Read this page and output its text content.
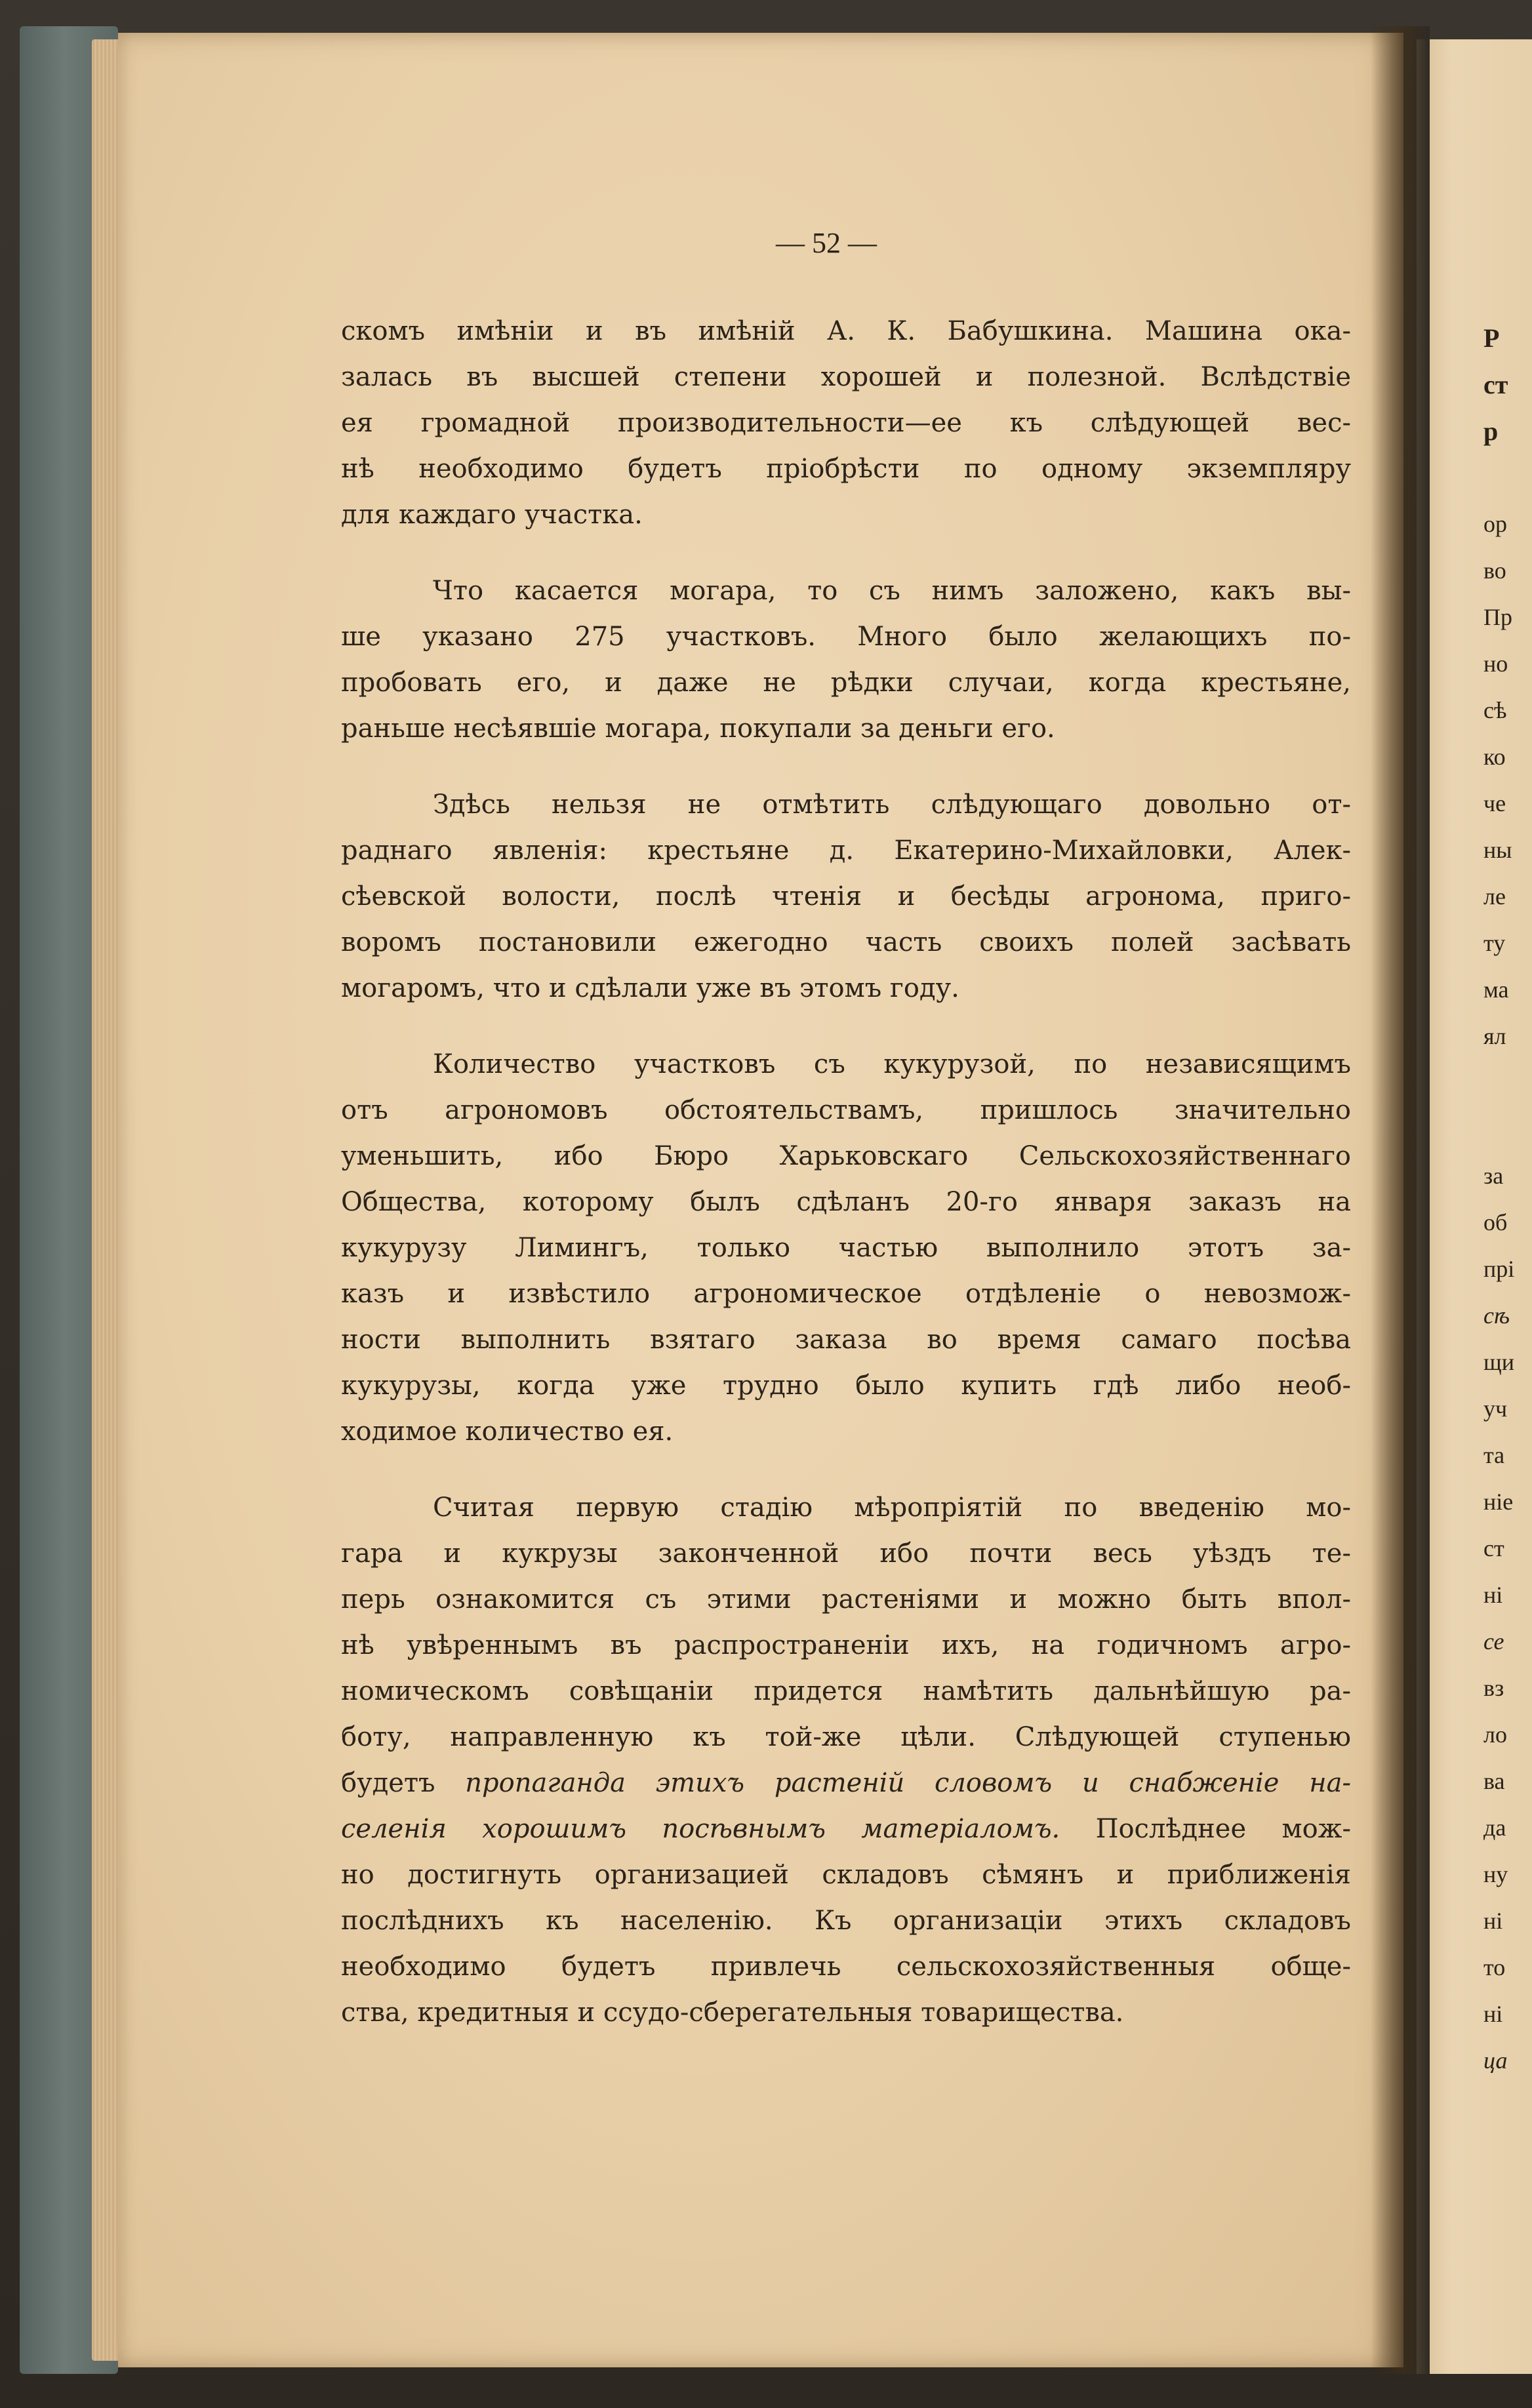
— 52 —
скомъ имѣніи и въ имѣній А. К. Бабушкина. Машина ока-
залась въ высшей степени хорошей и полезной. Вслѣдствіе
ея громадной производительности—ее къ слѣдующей вес-
нѣ необходимо будетъ пріобрѣсти по одному экземпляру
для каждаго участка.
Что касается могара, то съ нимъ заложено, какъ вы-
ше указано 275 участковъ. Много было желающихъ по-
пробовать его, и даже не рѣдки случаи, когда крестьяне,
раньше несѣявшіе могара, покупали за деньги его.
Здѣсь нельзя не отмѣтить слѣдующаго довольно от-
раднаго явленія: крестьяне д. Екатерино-Михайловки, Алек-
сѣевской волости, послѣ чтенія и бесѣды агронома, приго-
воромъ постановили ежегодно часть своихъ полей засѣвать
могаромъ, что и сдѣлали уже въ этомъ году.
Количество участковъ съ кукурузой, по независящимъ
отъ агрономовъ обстоятельствамъ, пришлось значительно
уменьшить, ибо Бюро Харьковскаго Сельскохозяйственнаго
Общества, которому былъ сдѣланъ 20-го января заказъ на
кукурузу Лимингъ, только частью выполнило этотъ за-
казъ и извѣстило агрономическое отдѣленіе о невозмож-
ности выполнить взятаго заказа во время самаго посѣва
кукурузы, когда уже трудно было купить гдѣ либо необ-
ходимое количество ея.
Считая первую стадію мѣропріятій по введенію мо-
гара и кукрузы законченной ибо почти весь уѣздъ те-
перь ознакомится съ этими растеніями и можно быть впол-
нѣ увѣреннымъ въ распространеніи ихъ, на годичномъ агро-
номическомъ совѣщаніи придется намѣтить дальнѣйшую ра-
боту, направленную къ той-же цѣли. Слѣдующей ступенью
будетъ пропаганда этихъ растеній словомъ и снабженіе на-
селенія хорошимъ посѣвнымъ матеріаломъ. Послѣднее мож-
но достигнуть организацией складовъ сѣмянъ и приближенія
послѣднихъ къ населенію. Къ организаціи этихъ складовъ
необходимо будетъ привлечь сельскохозяйственныя обще-
ства, кредитныя и ссудо-сберегательныя товарищества.
Р
ст
р
ор
во
Пр
но
сѣ
ко
че
ны
ле
ту
ма
ял
за
об
прі
сѣ
щи
уч
та
ніе
ст
ні
се
вз
ло
ва
да
ну
ні
то
ні
ца
